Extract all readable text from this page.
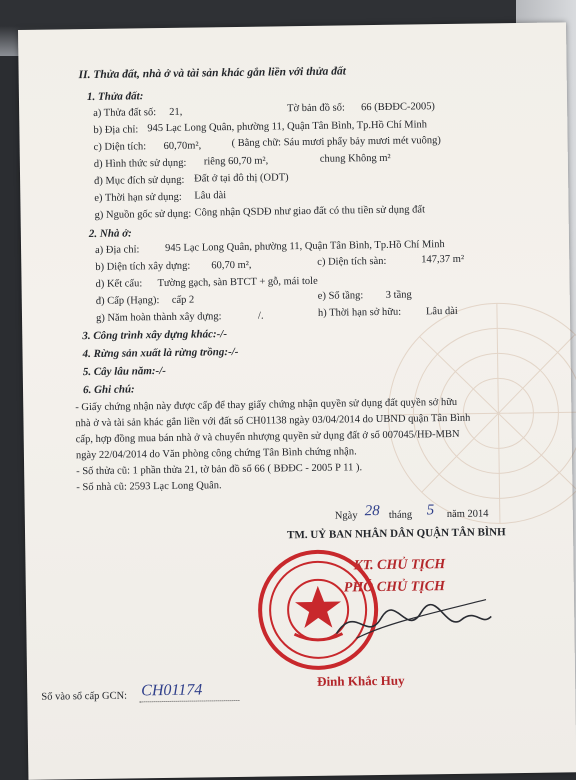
II. Thửa đất, nhà ở và tài sản khác gắn liền với thửa đất
1. Thửa đất:
a) Thửa đất số: 21,	Tờ bản đồ số: 66 (BĐĐC-2005)
b) Địa chỉ: 945 Lạc Long Quân, phường 11, Quận Tân Bình, Tp.Hồ Chí Minh
c) Diện tích: 60,70m²,	( Bằng chữ: Sáu mươi phẩy bảy mươi mét vuông)
d) Hình thức sử dụng: riêng 60,70 m²,	chung Không m²
đ) Mục đích sử dụng: Đất ở tại đô thị (ODT)
e) Thời hạn sử dụng: Lâu dài
g) Nguồn gốc sử dụng: Công nhận QSDĐ như giao đất có thu tiền sử dụng đất
2. Nhà ở:
a) Địa chỉ: 945 Lạc Long Quân, phường 11, Quận Tân Bình, Tp.Hồ Chí Minh
b) Diện tích xây dựng: 60,70 m²,	c) Diện tích sàn:	147,37 m²
d) Kết cấu: Tường gạch, sàn BTCT + gỗ, mái tole
đ) Cấp (Hạng): cấp 2	e) Số tầng: 3 tầng
g) Năm hoàn thành xây dựng:	/.	h) Thời hạn sở hữu: Lâu dài
3. Công trình xây dựng khác:-/-
4. Rừng sản xuất là rừng trồng:-/-
5. Cây lâu năm:-/-
6. Ghi chú:
- Giấy chứng nhận này được cấp để thay giấy chứng nhận quyền sử dụng đất quyền sở hữu
nhà ở và tài sản khác gắn liền với đất số CH01138 ngày 03/04/2014 do UBND quận Tân Bình
cấp, hợp đồng mua bán nhà ở và chuyển nhượng quyền sử dụng đất ở số 007045/HĐ-MBN
ngày 22/04/2014 do Văn phòng công chứng Tân Bình chứng nhận.
- Số thửa cũ: 1 phần thửa 21, tờ bản đồ số 66 ( BĐĐC - 2005 P 11 ).
- Số nhà cũ: 2593 Lạc Long Quân.
Ngày 28 tháng 5 năm 2014
TM. UỶ BAN NHÂN DÂN QUẬN TÂN BÌNH
KT. CHỦ TỊCH
PHÓ CHỦ TỊCH
Đinh Khắc Huy
Số vào sổ cấp GCN: CH01174
